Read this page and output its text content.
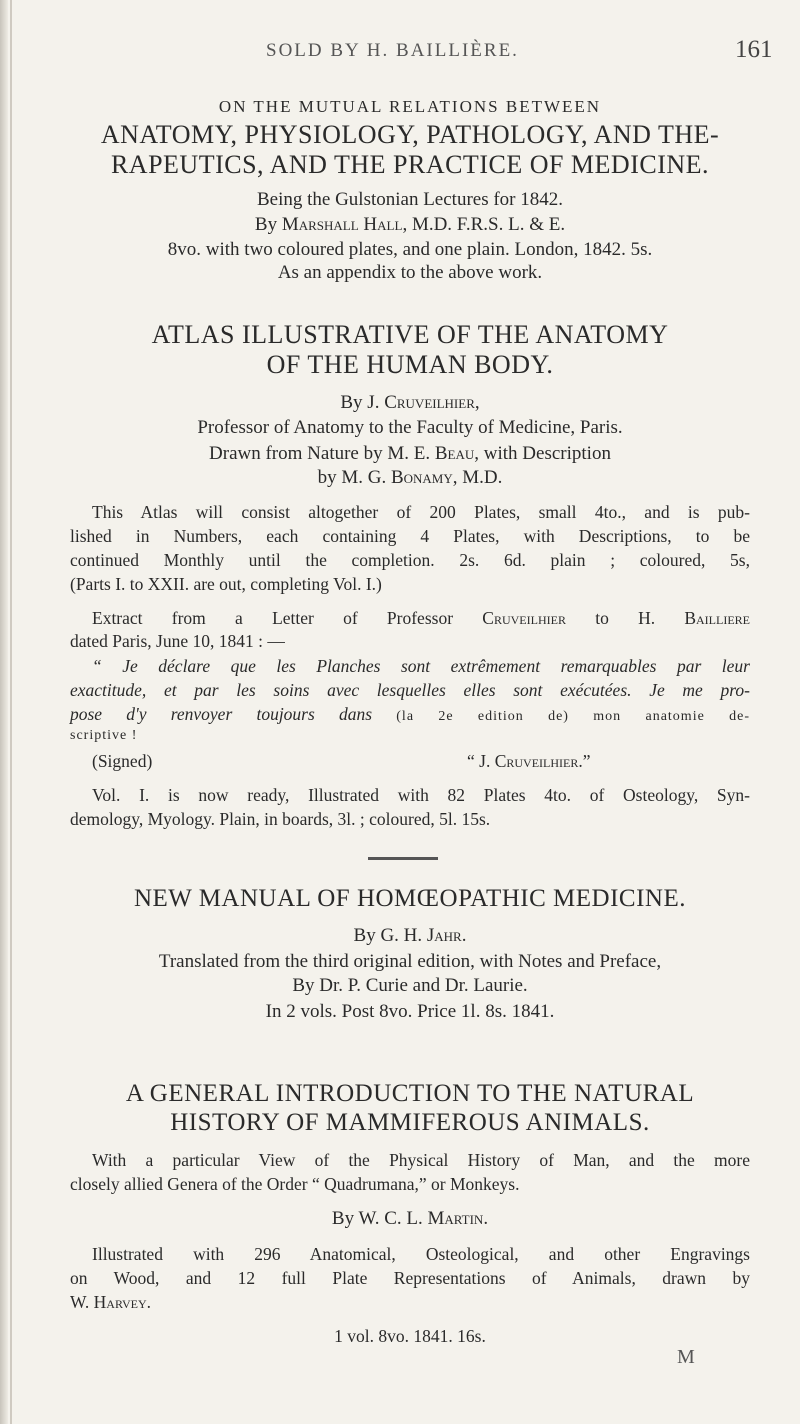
SOLD BY H. BAILLIÈRE.	161
ON THE MUTUAL RELATIONS BETWEEN
ANATOMY, PHYSIOLOGY, PATHOLOGY, AND THE-
RAPEUTICS, AND THE PRACTICE OF MEDICINE.
Being the Gulstonian Lectures for 1842.
By Marshall Hall, M.D. F.R.S. L. & E.
8vo. with two coloured plates, and one plain. London, 1842. 5s.
As an appendix to the above work.
ATLAS ILLUSTRATIVE OF THE ANATOMY
OF THE HUMAN BODY.
By J. Cruveilhier,
Professor of Anatomy to the Faculty of Medicine, Paris.
Drawn from Nature by M. E. Beau, with Description
by M. G. Bonamy, M.D.
This Atlas will consist altogether of 200 Plates, small 4to., and is pub-
lished in Numbers, each containing 4 Plates, with Descriptions, to be
continued Monthly until the completion. 2s. 6d. plain ; coloured, 5s,
(Parts I. to XXII. are out, completing Vol. I.)
Extract from a Letter of Professor Cruveilhier to H. Bailliere
dated Paris, June 10, 1841 : —
“ Je déclare que les Planches sont extrêmement remarquables par leur
exactitude, et par les soins avec lesquelles elles sont exécutées. Je me pro-
pose d'y renvoyer toujours dans (la 2e edition de) mon anatomie de-
scriptive !
(Signed)	“ J. Cruveilhier.”
Vol. I. is now ready, Illustrated with 82 Plates 4to. of Osteology, Syn-
demology, Myology. Plain, in boards, 3l. ; coloured, 5l. 15s.
NEW MANUAL OF HOMŒOPATHIC MEDICINE.
By G. H. Jahr.
Translated from the third original edition, with Notes and Preface,
By Dr. P. Curie and Dr. Laurie.
In 2 vols. Post 8vo. Price 1l. 8s. 1841.
A GENERAL INTRODUCTION TO THE NATURAL
HISTORY OF MAMMIFEROUS ANIMALS.
With a particular View of the Physical History of Man, and the more
closely allied Genera of the Order “ Quadrumana,” or Monkeys.
By W. C. L. Martin.
Illustrated with 296 Anatomical, Osteological, and other Engravings
on Wood, and 12 full Plate Representations of Animals, drawn by
W. Harvey.
1 vol. 8vo. 1841. 16s.
M
